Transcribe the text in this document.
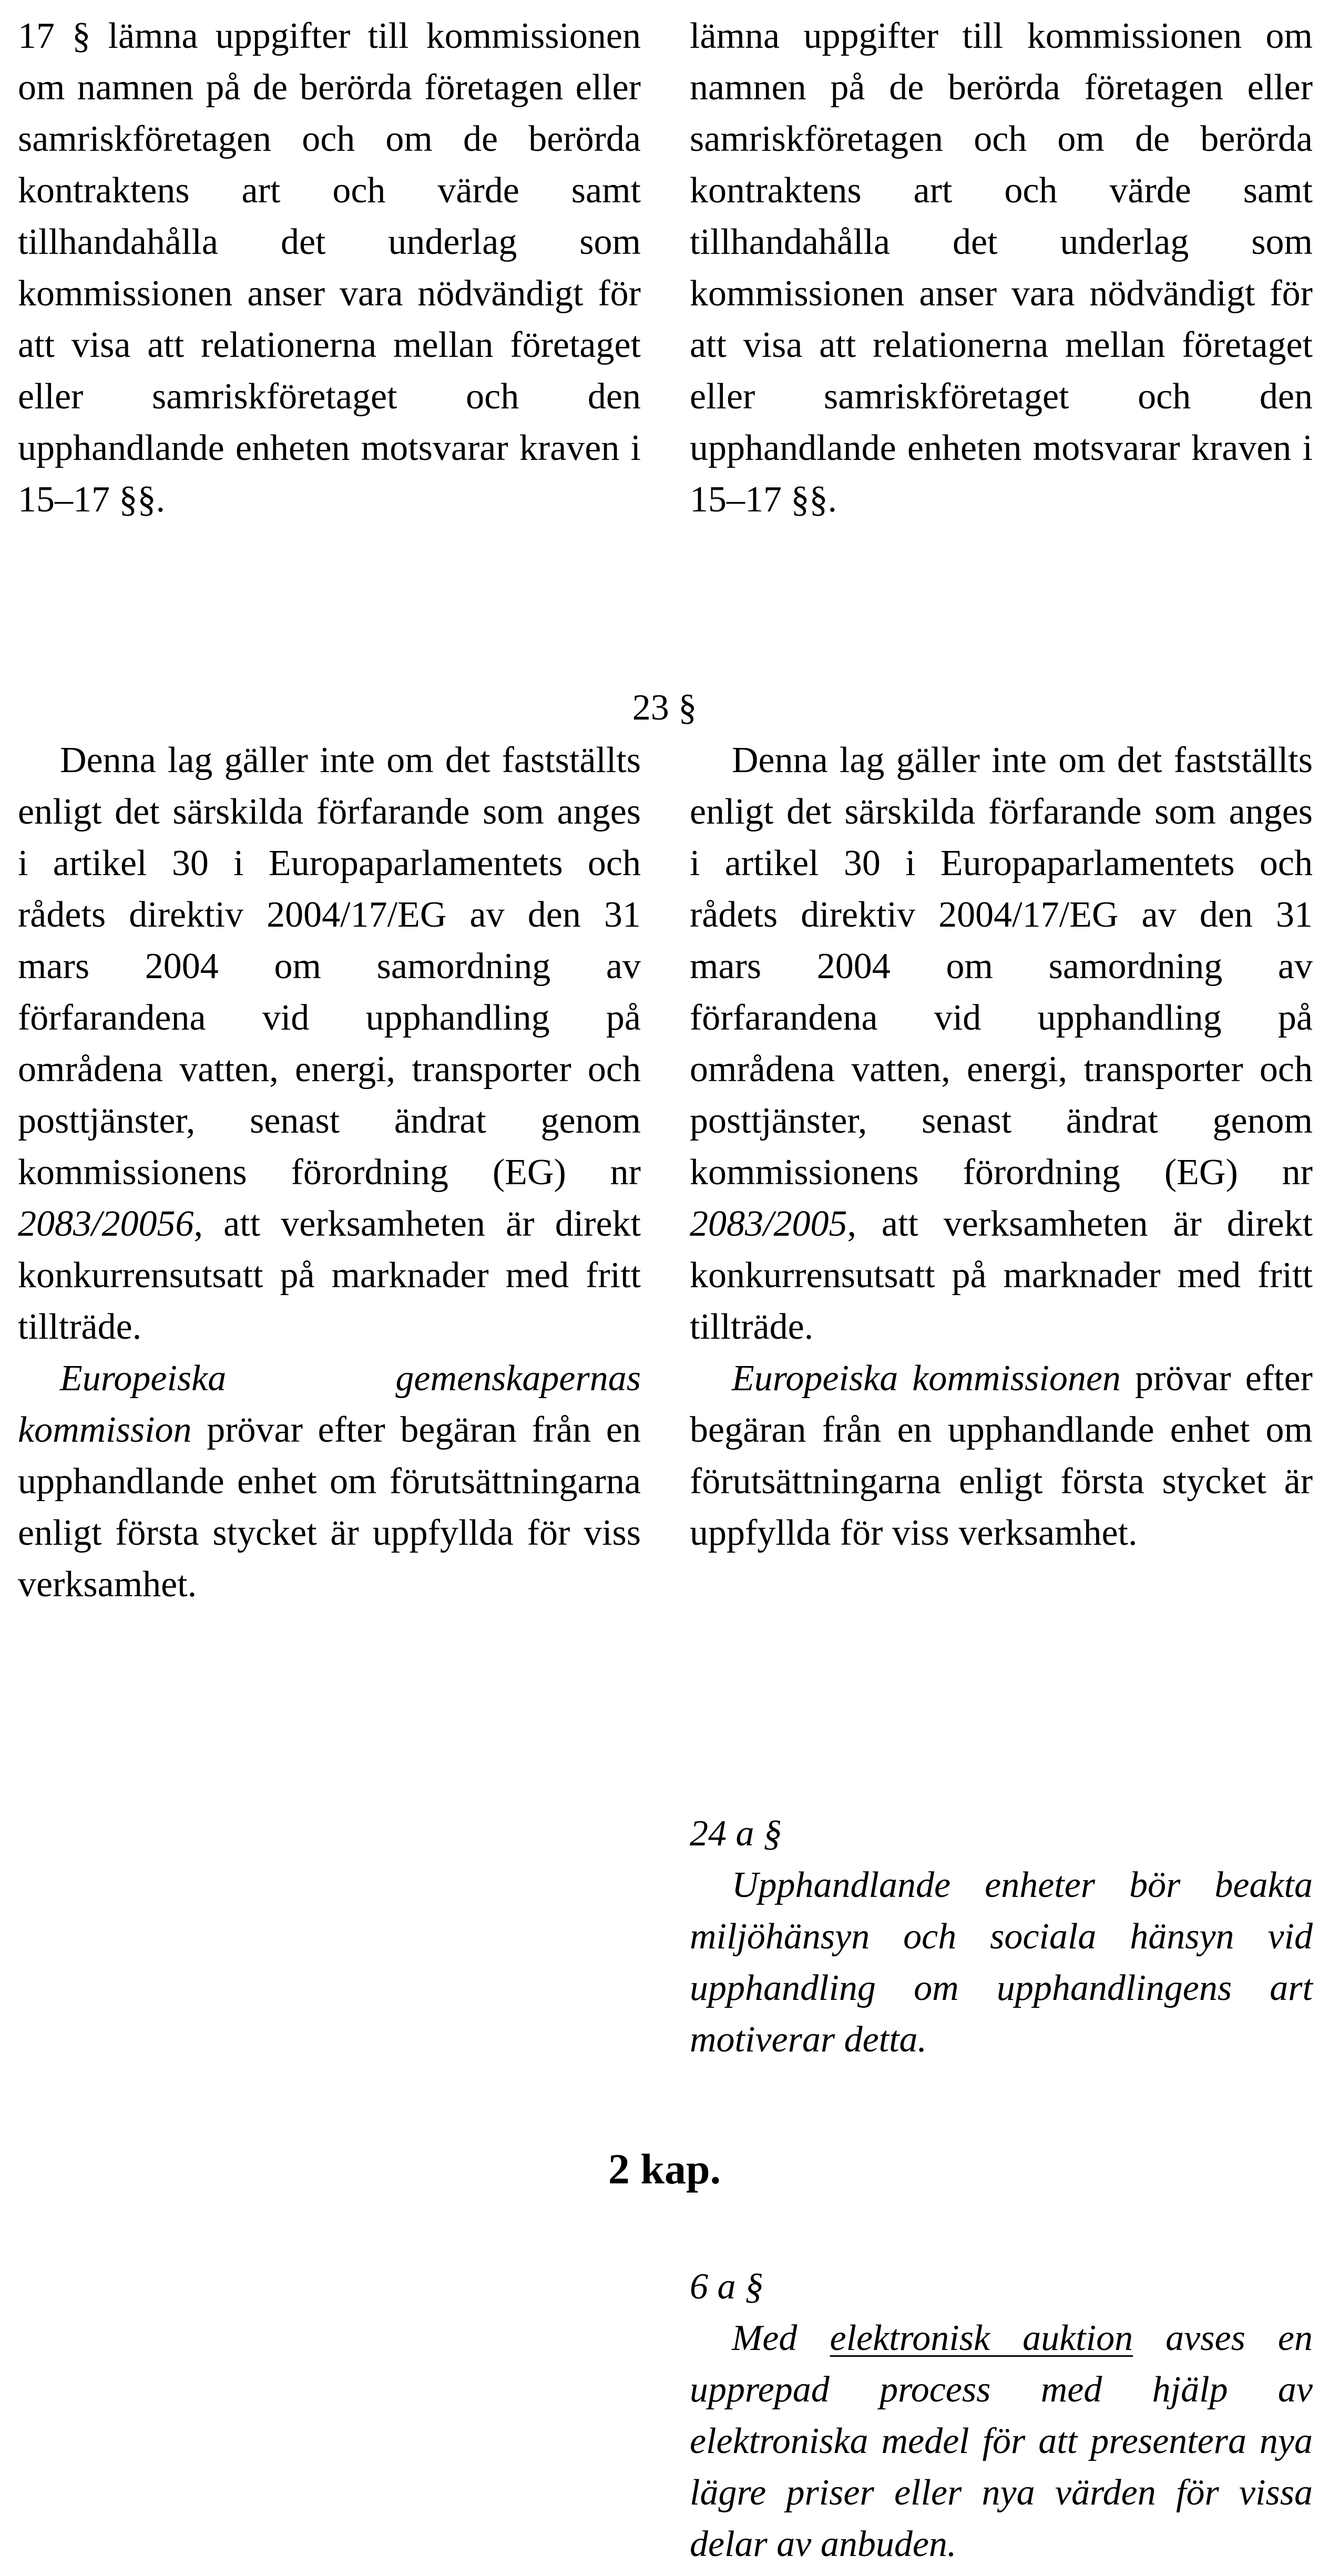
17 § lämna uppgifter till kommissionen om namnen på de berörda företagen eller samriskföretagen och om de berörda kontraktens art och värde samt tillhandahålla det underlag som kommissionen anser vara nödvändigt för att visa att relationerna mellan företaget eller samriskföretaget och den upphandlande enheten motsvarar kraven i 15–17 §§.

lämna uppgifter till kommissionen om namnen på de berörda företagen eller samriskföretagen och om de berörda kontraktens art och värde samt tillhandahålla det underlag som kommissionen anser vara nödvändigt för att visa att relationerna mellan företaget eller samriskföretaget och den upphandlande enheten motsvarar kraven i 15–17 §§.

23 §

Denna lag gäller inte om det fastställts enligt det särskilda förfarande som anges i artikel 30 i Europaparlamentets och rådets direktiv 2004/17/EG av den 31 mars 2004 om samordning av förfarandena vid upphandling på områdena vatten, energi, transporter och posttjänster, senast ändrat genom kommissionens förordning (EG) nr 2083/20056, att verksamheten är direkt konkurrensutsatt på marknader med fritt tillträde.

Europeiska gemenskapernas kommission prövar efter begäran från en upphandlande enhet om förutsättningarna enligt första stycket är uppfyllda för viss verksamhet.

Denna lag gäller inte om det fastställts enligt det särskilda förfarande som anges i artikel 30 i Europaparlamentets och rådets direktiv 2004/17/EG av den 31 mars 2004 om samordning av förfarandena vid upphandling på områdena vatten, energi, transporter och posttjänster, senast ändrat genom kommissionens förordning (EG) nr 2083/2005, att verksamheten är direkt konkurrensutsatt på marknader med fritt tillträde.

Europeiska kommissionen prövar efter begäran från en upphandlande enhet om förutsättningarna enligt första stycket är uppfyllda för viss verksamhet.

24 a §

Upphandlande enheter bör beakta miljöhänsyn och sociala hänsyn vid upphandling om upphandlingens art motiverar detta.

2 kap.

6 a §

Med elektronisk auktion avses en upprepad process med hjälp av elektroniska medel för att presentera nya lägre priser eller nya värden för vissa delar av anbuden.
